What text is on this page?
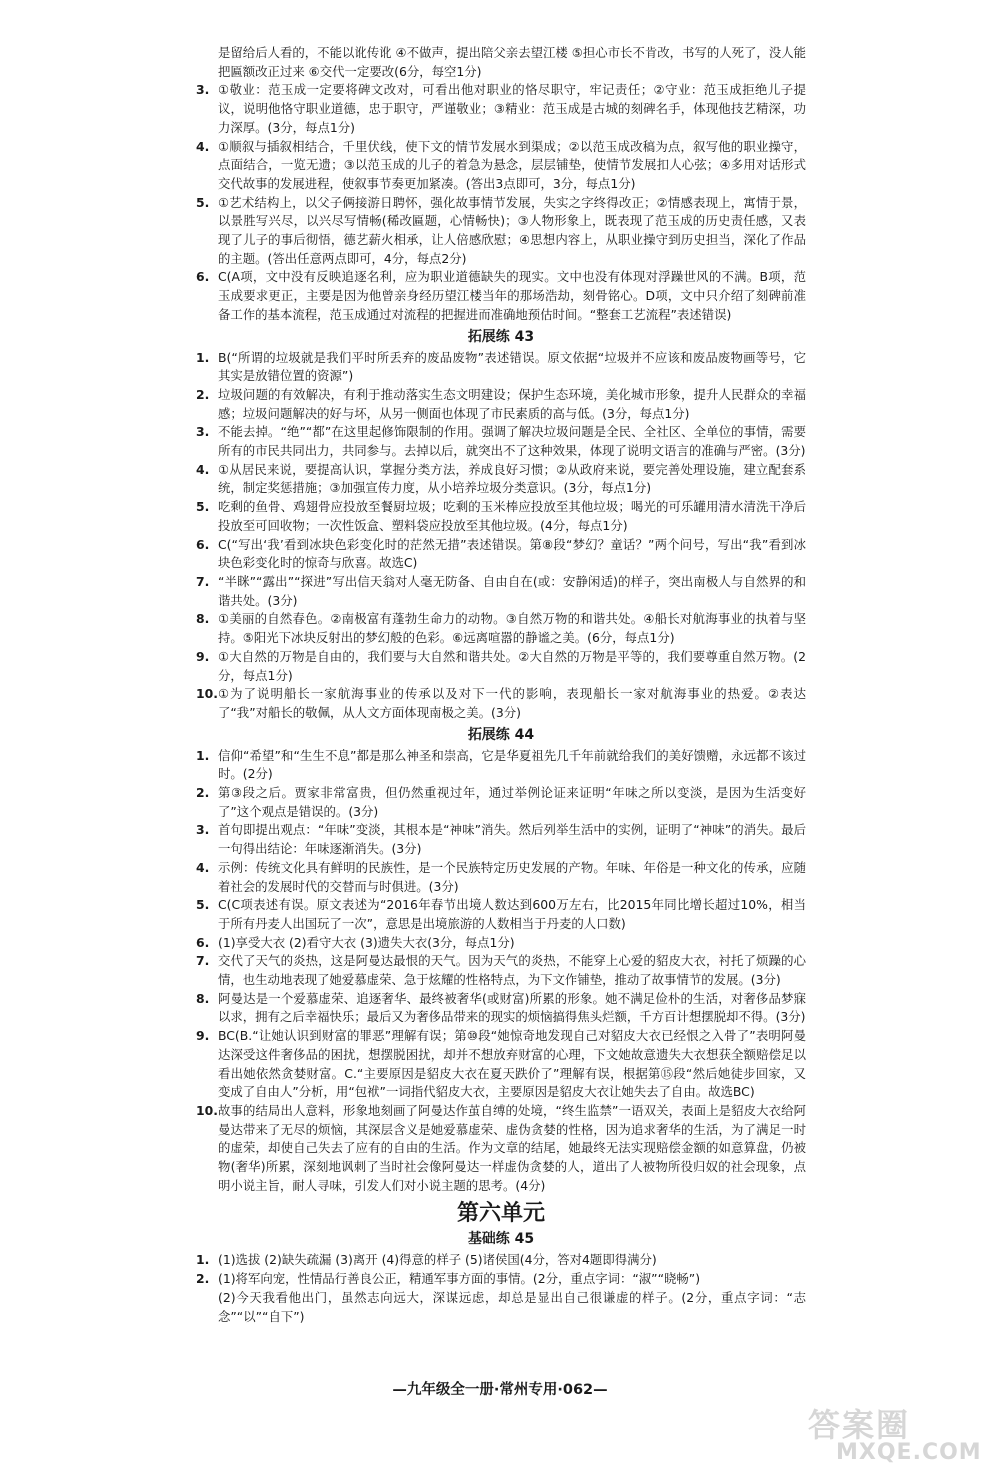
是留给后人看的，不能以讹传讹 ④不做声，提出陪父亲去望江楼 ⑤担心市长不肯改，书写的人死了，没人能把匾额改正过来 ⑥交代一定要改(6分，每空1分)
3. ①敬业：范玉成一定要将碑文改对，可看出他对职业的恪尽职守，牢记责任；②守业：范玉成拒绝儿子提议，说明他恪守职业道德，忠于职守，严谨敬业；③精业：范玉成是古城的刻碑名手，体现他技艺精深，功力深厚。(3分，每点1分)
4. ①顺叙与插叙相结合，千里伏线，使下文的情节发展水到渠成；②以范玉成改稿为点，叙写他的职业操守，点面结合，一览无遗；③以范玉成的儿子的着急为悬念，层层铺垫，使情节发展扣人心弦；④多用对话形式交代故事的发展进程，使叙事节奏更加紧凑。(答出3点即可，3分，每点1分)
5. ①艺术结构上，以父子俩接游日聘怀，强化故事情节发展，失实之字终得改正；②情感表现上，寓情于景，以景胜写兴尽，以兴尽写情畅(稀改匾题，心情畅快)；③人物形象上，既表现了范玉成的历史责任感，又表现了儿子的事后彻悟，德艺薪火相承，让人倍感欣慰；④思想内容上，从职业操守到历史担当，深化了作品的主题。(答出任意两点即可，4分，每点2分)
6. C(A项，文中没有反映追逐名利，应为职业道德缺失的现实。文中也没有体现对浮躁世风的不满。B项，范玉成要求更正，主要是因为他曾亲身经历望江楼当年的那场浩劫，刻骨铭心。D项，文中只介绍了刻碑前准备工作的基本流程，范玉成通过对流程的把握进而准确地预估时间。“整套工艺流程”表述错误)
拓展练 43
1. B(“所谓的垃圾就是我们平时所丢弃的废品废物”表述错误。原文依据“垃圾并不应该和废品废物画等号，它其实是放错位置的资源”)
2. 垃圾问题的有效解决，有利于推动落实生态文明建设；保护生态环境，美化城市形象，提升人民群众的幸福感；垃圾问题解决的好与坏，从另一侧面也体现了市民素质的高与低。(3分，每点1分)
3. 不能去掉。“绝”“都”在这里起修饰限制的作用。强调了解决垃圾问题是全民、全社区、全单位的事情，需要所有的市民共同出力，共同参与。去掉以后，就突出不了这种效果，体现了说明文语言的准确与严密。(3分)
4. ①从居民来说，要提高认识，掌握分类方法，养成良好习惯；②从政府来说，要完善处理设施，建立配套系统，制定奖惩措施；③加强宣传力度，从小培养垃圾分类意识。(3分，每点1分)
5. 吃剩的鱼骨、鸡翅骨应投放至餐厨垃圾；吃剩的玉米棒应投放至其他垃圾；喝光的可乐罐用清水清洗干净后投放至可回收物；一次性饭盒、塑料袋应投放至其他垃圾。(4分，每点1分)
6. C(“写出‘我’看到冰块色彩变化时的茫然无措”表述错误。第⑧段“梦幻？童话？”两个问号，写出“我”看到冰块色彩变化时的惊奇与欣喜。故选C)
7. “半眯”“露出”“探进”写出信天翁对人毫无防备、自由自在(或：安静闲适)的样子，突出南极人与自然界的和谐共处。(3分)
8. ①美丽的自然春色。②南极富有蓬勃生命力的动物。③自然万物的和谐共处。④船长对航海事业的执着与坚持。⑤阳光下冰块反射出的梦幻般的色彩。⑥远离喧嚣的静谧之美。(6分，每点1分)
9. ①大自然的万物是自由的，我们要与大自然和谐共处。②大自然的万物是平等的，我们要尊重自然万物。(2分，每点1分)
10. ①为了说明船长一家航海事业的传承以及对下一代的影响，表现船长一家对航海事业的热爱。②表达了“我”对船长的敬佩，从人文方面体现南极之美。(3分)
拓展练 44
1. 信仰“希望”和“生生不息”都是那么神圣和崇高，它是华夏祖先几千年前就给我们的美好馈赠，永远都不该过时。(2分)
2. 第③段之后。贾家非常富贵，但仍然重视过年，通过举例论证来证明“年味之所以变淡，是因为生活变好了”这个观点是错误的。(3分)
3. 首句即提出观点：“年味”变淡，其根本是“神味”消失。然后列举生活中的实例，证明了“神味”的消失。最后一句得出结论：年味逐渐消失。(3分)
4. 示例：传统文化具有鲜明的民族性，是一个民族特定历史发展的产物。年味、年俗是一种文化的传承，应随着社会的发展时代的交替而与时俱进。(3分)
5. C(C项表述有误。原文表述为“2016年春节出境人数达到600万左右，比2015年同比增长超过10%，相当于所有丹麦人出国玩了一次”，意思是出境旅游的人数相当于丹麦的人口数)
6. (1)享受大衣 (2)看守大衣 (3)遗失大衣(3分，每点1分)
7. 交代了天气的炎热，这是阿曼达最恨的天气。因为天气的炎热，不能穿上心爱的貂皮大衣，衬托了烦躁的心情，也生动地表现了她爱慕虚荣、急于炫耀的性格特点，为下文作铺垫，推动了故事情节的发展。(3分)
8. 阿曼达是一个爱慕虚荣、追逐奢华、最终被奢华(或财富)所累的形象。她不满足俭朴的生活，对奢侈品梦寐以求，拥有之后幸福快乐；最后又为奢侈品带来的现实的烦恼搞得焦头烂额，千方百计想摆脱却不得。(3分)
9. BC(B.“让她认识到财富的罪恶”理解有误；第⑩段“她惊奇地发现自己对貂皮大衣已经恨之入骨了”表明阿曼达深受这件奢侈品的困扰，想摆脱困扰，却并不想放弃财富的心理，下文她故意遗失大衣想获全额赔偿足以看出她依然贪婪财富。C.“主要原因是貂皮大衣在夏天跌价了”理解有误，根据第⑮段“然后她徒步回家，又变成了自由人”分析，用“包袱”一词指代貂皮大衣，主要原因是貂皮大衣让她失去了自由。故选BC)
10. 故事的结局出人意料，形象地刻画了阿曼达作茧自缚的处境，“终生监禁”一语双关，表面上是貂皮大衣给阿曼达带来了无尽的烦恼，其深层含义是她爱慕虚荣、虚伪贪婪的性格，因为追求奢华的生活，为了满足一时的虚荣，却使自己失去了应有的自由的生活。作为文章的结尾，她最终无法实现赔偿金额的如意算盘，仍被物(奢华)所累，深刻地讽刺了当时社会像阿曼达一样虚伪贪婪的人，道出了人被物所役归奴的社会现象，点明小说主旨，耐人寻味，引发人们对小说主题的思考。(4分)
第六单元
基础练 45
1. (1)选拔 (2)缺失疏漏 (3)离开 (4)得意的样子 (5)诸侯国(4分，答对4题即得满分)
2. (1)将军向宠，性情品行善良公正，精通军事方面的事情。(2分，重点字词：“淑”“晓畅”)
(2)今天我看他出门，虽然志向远大，深谋远虑，却总是显出自己很谦虚的样子。(2分，重点字词：“志念”“以”“自下”)
—九年级全一册·常州专用·062—
答案圈
MXQE.COM
